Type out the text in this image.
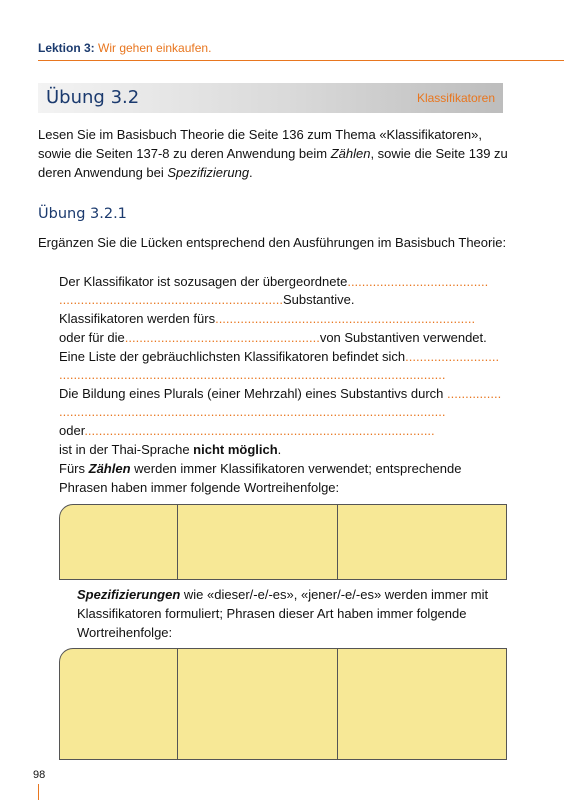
Lektion 3: Wir gehen einkaufen.
Übung 3.2	Klassifikatoren
Lesen Sie im Basisbuch Theorie die Seite 136 zum Thema «Klassifikatoren», sowie die Seiten 137-8 zu deren Anwendung beim Zählen, sowie die Seite 139 zu deren Anwendung bei Spezifizierung.
Übung 3.2.1
Ergänzen Sie die Lücken entsprechend den Ausführungen im Basisbuch Theorie:
Der Klassifikator ist sozusagen der übergeordnete.......................................
..............................................................Substantive.
Klassifikatoren werden fürs........................................................................
oder für die......................................................von Substantiven verwendet.
Eine Liste der gebräuchlichsten Klassifikatoren befindet sich..........................
...........................................................................................................
Die Bildung eines Plurals (einer Mehrzahl) eines Substantivs durch ...............
...........................................................................................................
oder.................................................................................................
ist in der Thai-Sprache nicht möglich.
Fürs Zählen werden immer Klassifikatoren verwendet; entsprechende
Phrasen haben immer folgende Wortreihenfolge:
Spezifizierungen wie «dieser/-e/-es», «jener/-e/-es» werden immer mit
Klassifikatoren formuliert; Phrasen dieser Art haben immer folgende
Wortreihenfolge:
98
